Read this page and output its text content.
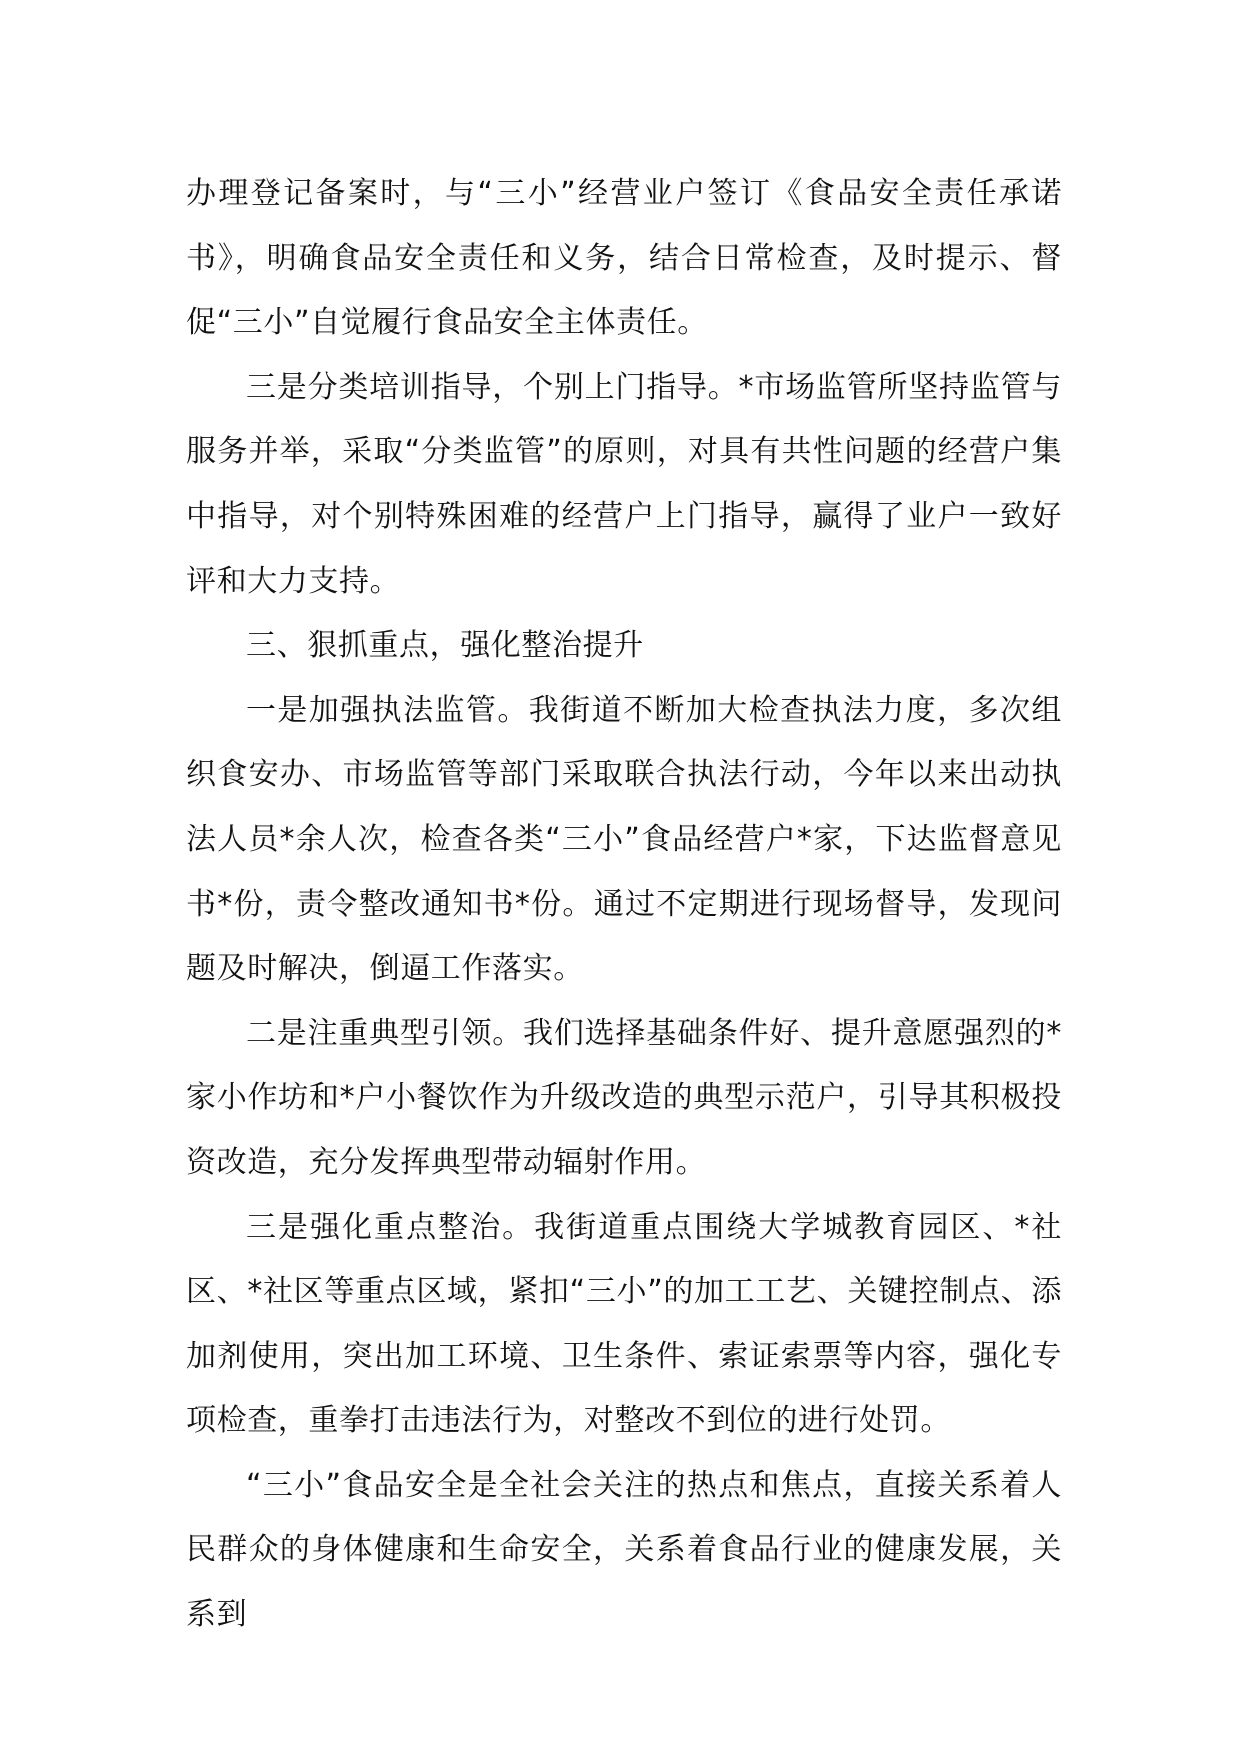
办理登记备案时，与“三小”经营业户签订《食品安全责任承诺书》，明确食品安全责任和义务，结合日常检查，及时提示、督促“三小”自觉履行食品安全主体责任。

三是分类培训指导，个别上门指导。*市场监管所坚持监管与服务并举，采取“分类监管”的原则，对具有共性问题的经营户集中指导，对个别特殊困难的经营户上门指导，赢得了业户一致好评和大力支持。

三、狠抓重点，强化整治提升

一是加强执法监管。我街道不断加大检查执法力度，多次组织食安办、市场监管等部门采取联合执法行动，今年以来出动执法人员*余人次，检查各类“三小”食品经营户*家，下达监督意见书*份，责令整改通知书*份。通过不定期进行现场督导，发现问题及时解决，倒逼工作落实。

二是注重典型引领。我们选择基础条件好、提升意愿强烈的*家小作坊和*户小餐饮作为升级改造的典型示范户，引导其积极投资改造，充分发挥典型带动辐射作用。

三是强化重点整治。我街道重点围绕大学城教育园区、*社区、*社区等重点区域，紧扣“三小”的加工工艺、关键控制点、添加剂使用，突出加工环境、卫生条件、索证索票等内容，强化专项检查，重拳打击违法行为，对整改不到位的进行处罚。

“三小”食品安全是全社会关注的热点和焦点，直接关系着人民群众的身体健康和生命安全，关系着食品行业的健康发展，关系到
